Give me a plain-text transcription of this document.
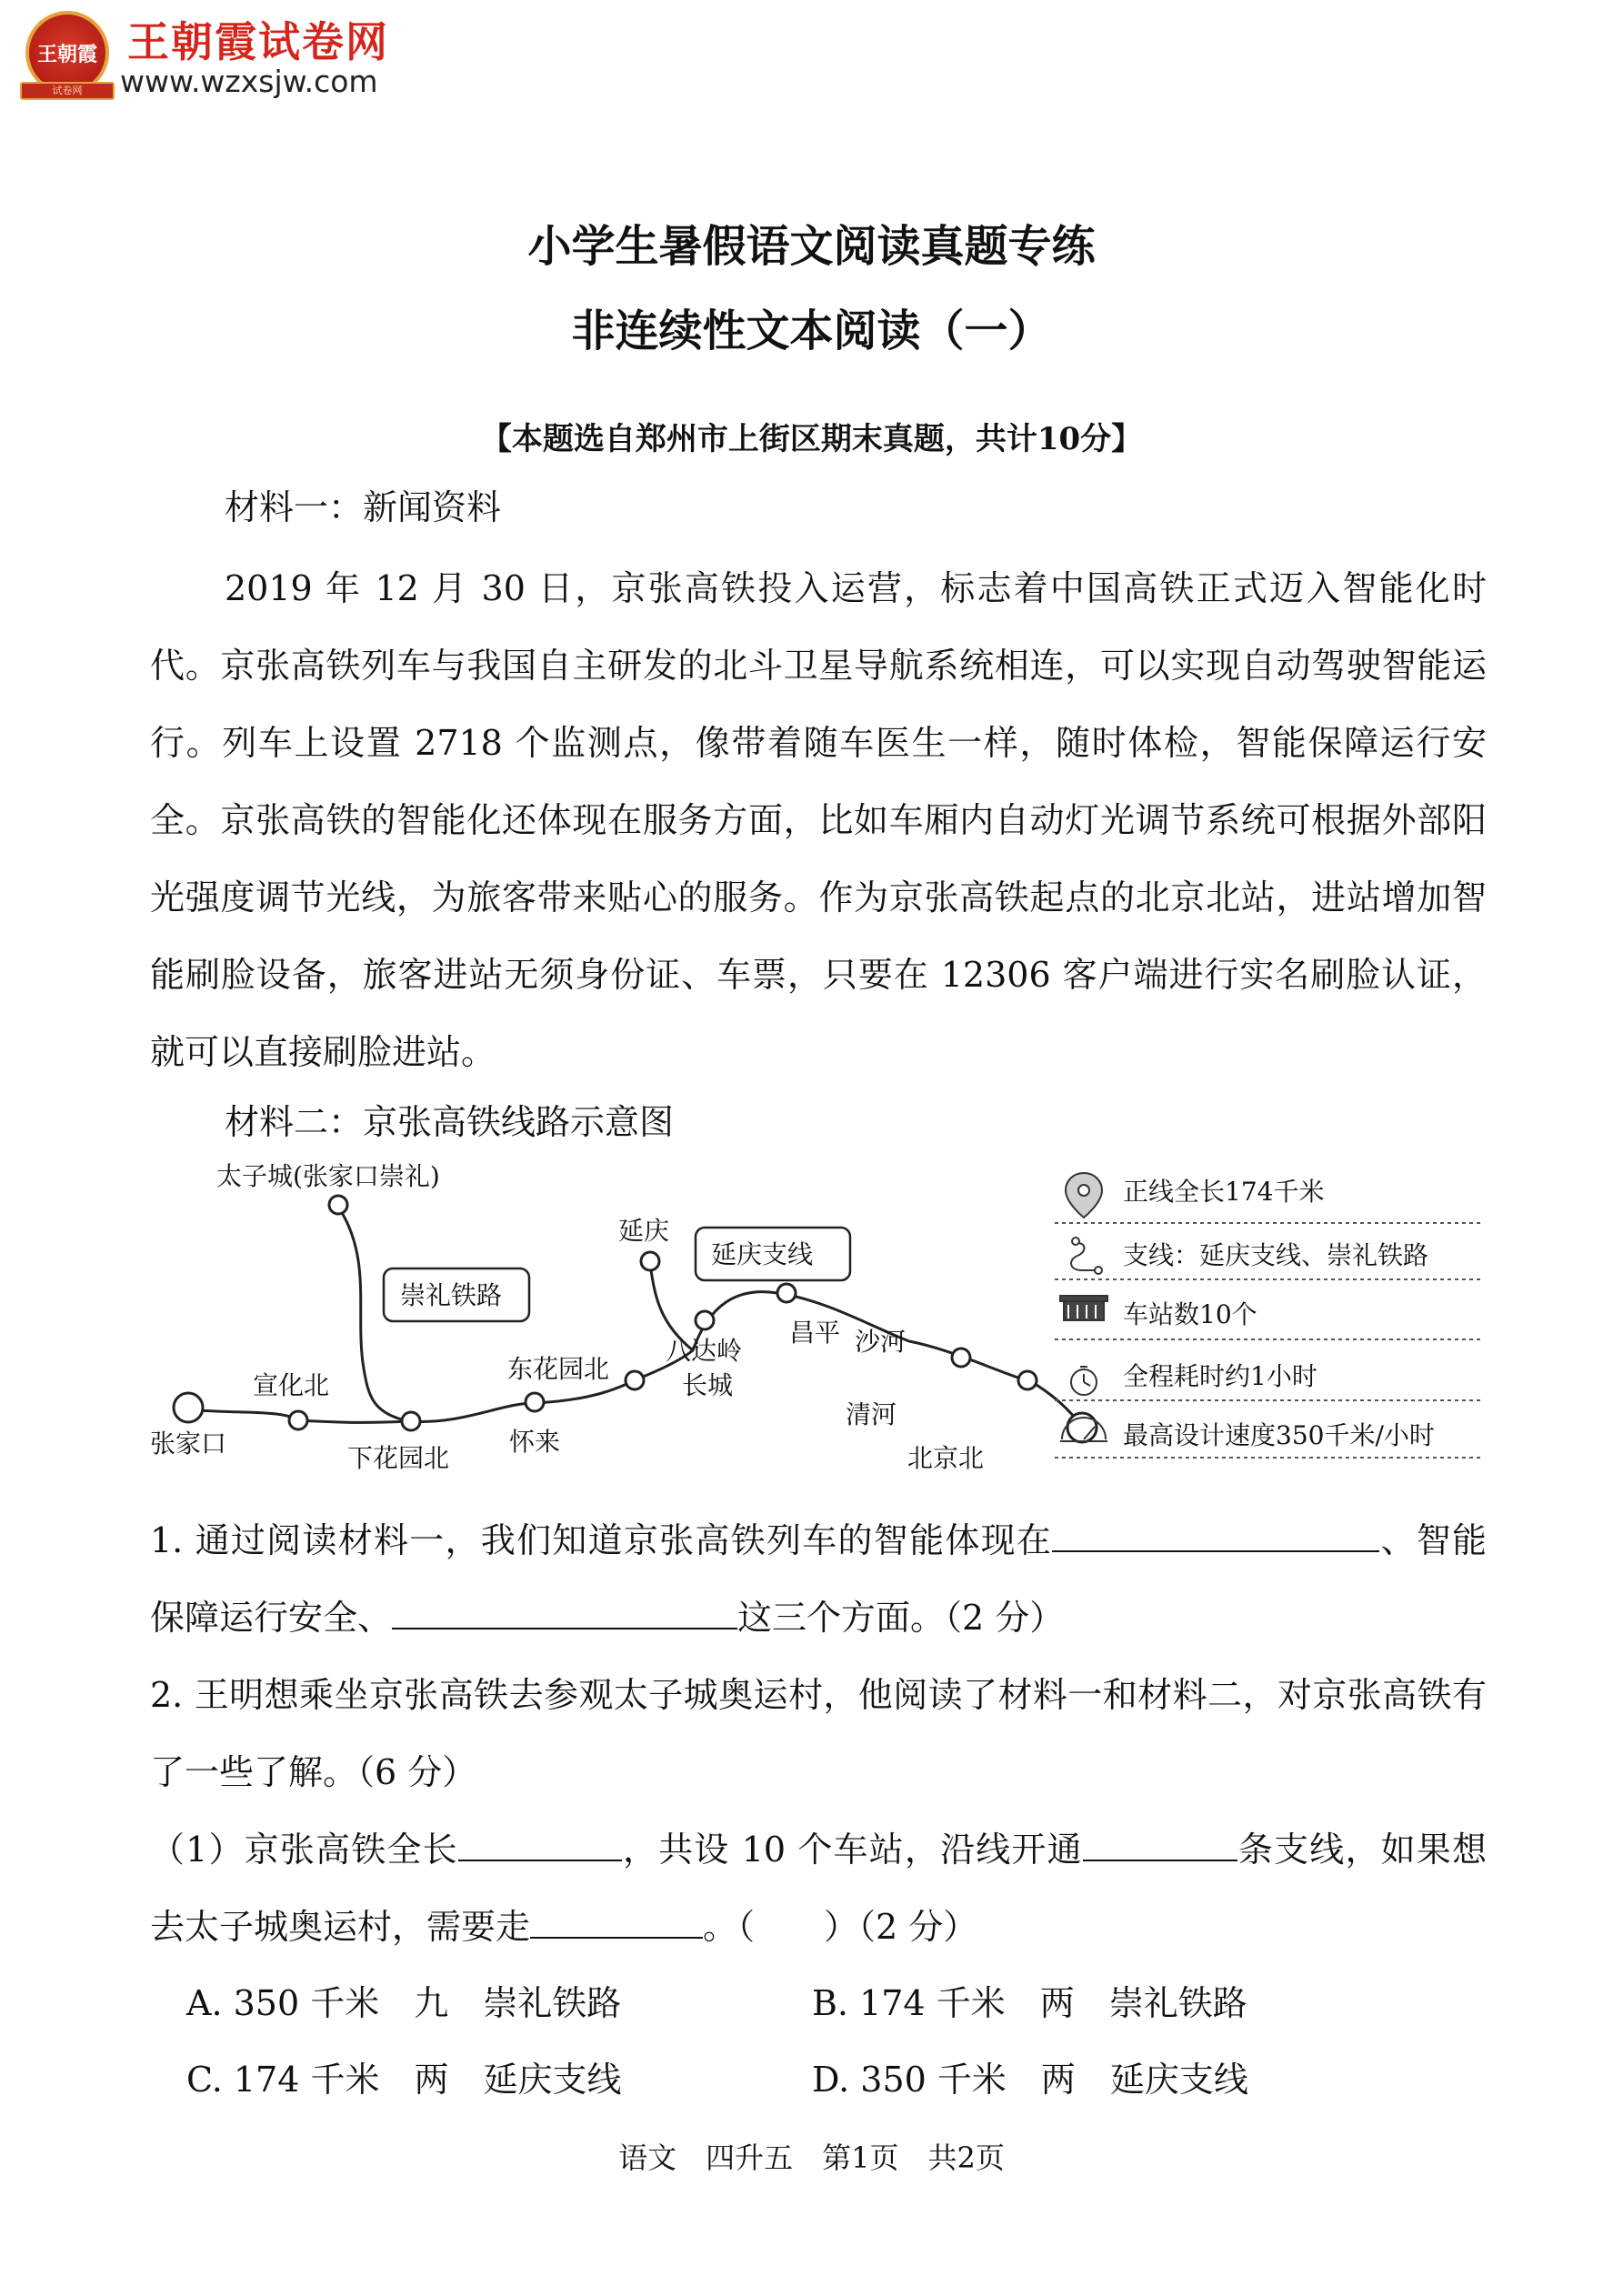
王朝霞
试卷网
王朝霞试卷网
www.wzxsjw.com
小学生暑假语文阅读真题专练
非连续性文本阅读（一）
【本题选自郑州市上街区期末真题，共计10分】
材料一：新闻资料
2019 年 12 月 30 日，京张高铁投入运营，标志着中国高铁正式迈入智能化时代。京张高铁列车与我国自主研发的北斗卫星导航系统相连，可以实现自动驾驶智能运行。列车上设置 2718 个监测点，像带着随车医生一样，随时体检，智能保障运行安全。京张高铁的智能化还体现在服务方面，比如车厢内自动灯光调节系统可根据外部阳光强度调节光线，为旅客带来贴心的服务。作为京张高铁起点的北京北站，进站增加智能刷脸设备，旅客进站无须身份证、车票，只要在 12306 客户端进行实名刷脸认证，就可以直接刷脸进站。
材料二：京张高铁线路示意图
崇礼铁路
延庆支线
太子城(张家口崇礼)
张家口
宣化北
下花园北
怀来
东花园北
延庆
八达岭
长城
昌平 沙河
清河
北京北
正线全长174千米
支线：延庆支线、崇礼铁路
车站数10个
全程耗时约1小时
最高设计速度350千米/小时
1. 通过阅读材料一，我们知道京张高铁列车的智能体现在	、智能保障运行安全、	这三个方面。（2 分）
2. 王明想乘坐京张高铁去参观太子城奥运村，他阅读了材料一和材料二，对京张高铁有了一些了解。（6 分）
（1）京张高铁全长	，共设 10 个车站，沿线开通	条支线，如果想去太子城奥运村，需要走	。（　　）（2 分）
A. 350 千米　九　崇礼铁路	B. 174 千米　两　崇礼铁路
C. 174 千米　两　延庆支线	D. 350 千米　两　延庆支线
语文　四升五　第1页　共2页
